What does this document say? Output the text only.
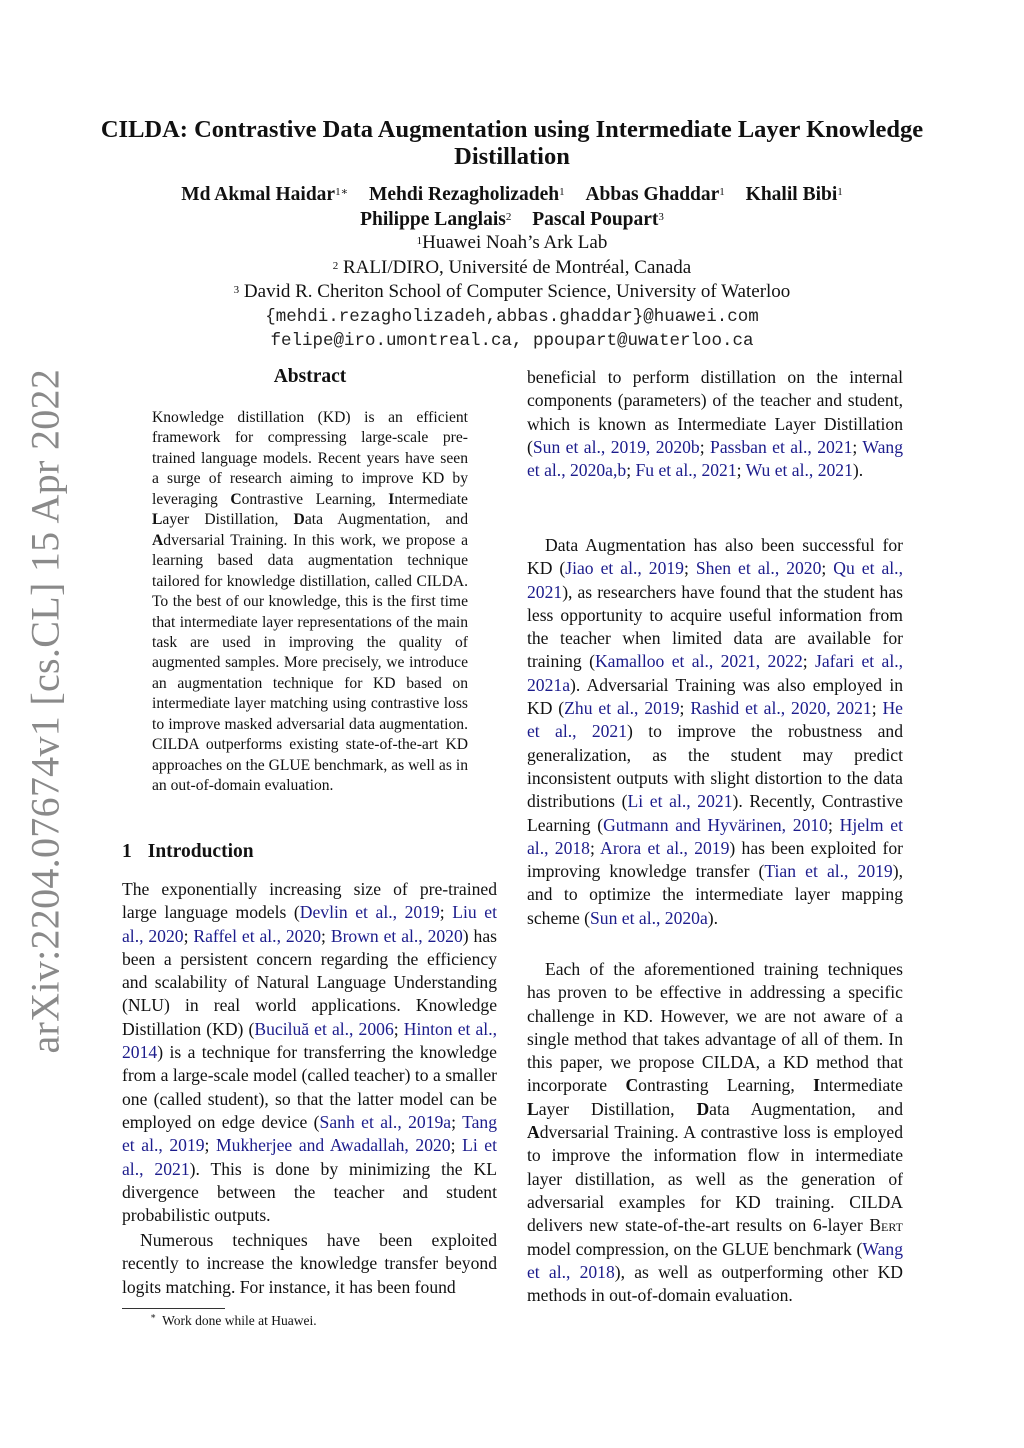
arXiv:2204.07674v1 [cs.CL] 15 Apr 2022
CILDA: Contrastive Data Augmentation using Intermediate Layer Knowledge Distillation
Md Akmal Haidar$^{1∗}$ Mehdi Rezagholizadeh$^1$ Abbas Ghaddar$^1$ Khalil Bibi$^1$
Philippe Langlais$^2$ Pascal Poupart$^3$
$^1$Huawei Noah’s Ark Lab
$^2$ RALI/DIRO, Université de Montréal, Canada
$^3$ David R. Cheriton School of Computer Science, University of Waterloo
{mehdi.rezagholizadeh,abbas.ghaddar}@huawei.com
felipe@iro.umontreal.ca, ppoupart@uwaterloo.ca
Abstract

Knowledge distillation (KD) is an efficient framework for compressing large-scale pre-trained language models. Recent years have seen a surge of research aiming to improve KD by leveraging Contrastive Learning, Intermediate Layer Distillation, Data Augmentation, and Adversarial Training. In this work, we propose a learning based data augmentation technique tailored for knowledge distillation, called CILDA. To the best of our knowledge, this is the first time that intermediate layer representations of the main task are used in improving the quality of augmented samples. More precisely, we introduce an augmentation technique for KD based on intermediate layer matching using contrastive loss to improve masked adversarial data augmentation. CILDA outperforms existing state-of-the-art KD approaches on the GLUE benchmark, as well as in an out-of-domain evaluation.

1 Introduction

The exponentially increasing size of pre-trained large language models (Devlin et al., 2019; Liu et al., 2020; Raffel et al., 2020; Brown et al., 2020) has been a persistent concern regarding the efficiency and scalability of Natural Language Understanding (NLU) in real world applications. Knowledge Distillation (KD) (Buciluă et al., 2006; Hinton et al., 2014) is a technique for transferring the knowledge from a large-scale model (called teacher) to a smaller one (called student), so that the latter model can be employed on edge device (Sanh et al., 2019a; Tang et al., 2019; Mukherjee and Awadallah, 2020; Li et al., 2021). This is done by minimizing the KL divergence between the teacher and student probabilistic outputs.

Numerous techniques have been exploited recently to increase the knowledge transfer beyond logits matching. For instance, it has been found

beneficial to perform distillation on the internal components (parameters) of the teacher and student, which is known as Intermediate Layer Distillation (Sun et al., 2019, 2020b; Passban et al., 2021; Wang et al., 2020a,b; Fu et al., 2021; Wu et al., 2021).

Data Augmentation has also been successful for KD (Jiao et al., 2019; Shen et al., 2020; Qu et al., 2021), as researchers have found that the student has less opportunity to acquire useful information from the teacher when limited data are available for training (Kamalloo et al., 2021, 2022; Jafari et al., 2021a). Adversarial Training was also employed in KD (Zhu et al., 2019; Rashid et al., 2020, 2021; He et al., 2021) to improve the robustness and generalization, as the student may predict inconsistent outputs with slight distortion to the data distributions (Li et al., 2021). Recently, Contrastive Learning (Gutmann and Hyvärinen, 2010; Hjelm et al., 2018; Arora et al., 2019) has been exploited for improving knowledge transfer (Tian et al., 2019), and to optimize the intermediate layer mapping scheme (Sun et al., 2020a).

Each of the aforementioned training techniques has proven to be effective in addressing a specific challenge in KD. However, we are not aware of a single method that takes advantage of all of them. In this paper, we propose CILDA, a KD method that incorporate Contrasting Learning, Intermediate Layer Distillation, Data Augmentation, and Adversarial Training. A contrastive loss is employed to improve the information flow in intermediate layer distillation, as well as the generation of adversarial examples for KD training. CILDA delivers new state-of-the-art results on 6-layer Bert model compression, on the GLUE benchmark (Wang et al., 2018), as well as outperforming other KD methods in out-of-domain evaluation.

∗ Work done while at Huawei.
